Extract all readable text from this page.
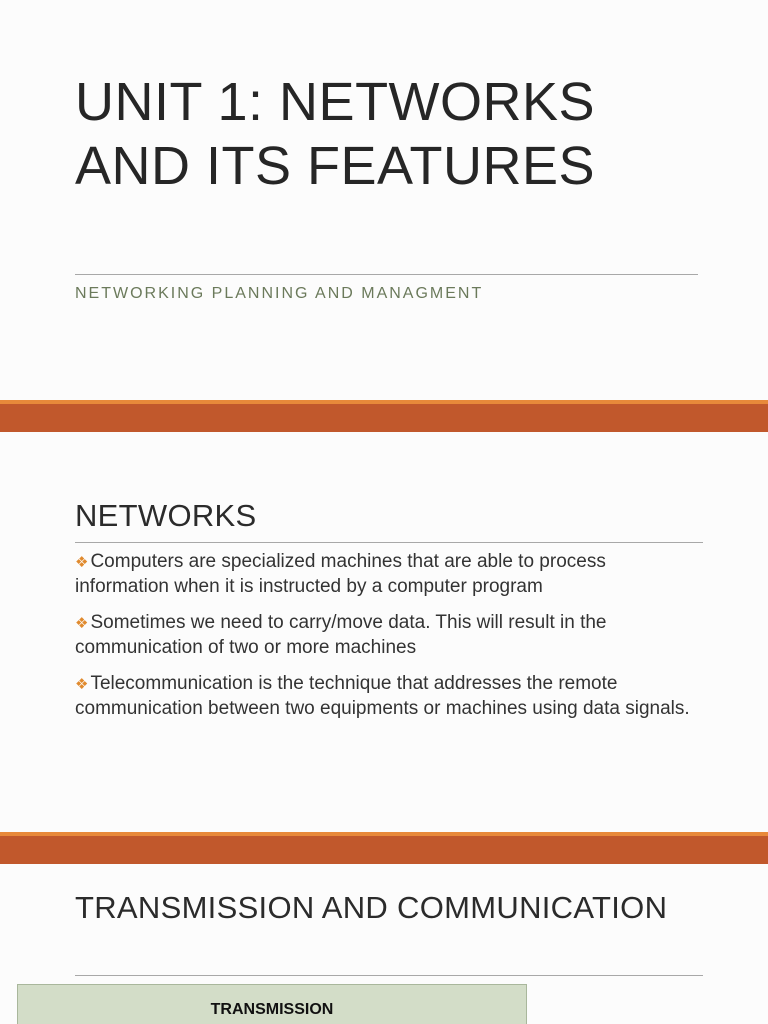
UNIT 1: NETWORKS AND ITS FEATURES

NETWORKING PLANNING AND MANAGMENT

NETWORKS
❖ Computers are specialized machines that are able to process information when it is instructed by a computer program
❖ Sometimes we need to carry/move data. This will result in the communication of two or more machines
❖ Telecommunication is the technique that addresses the remote communication between two equipments or machines using data signals.
TRANSMISSION AND COMMUNICATION
TRANSMISSION
